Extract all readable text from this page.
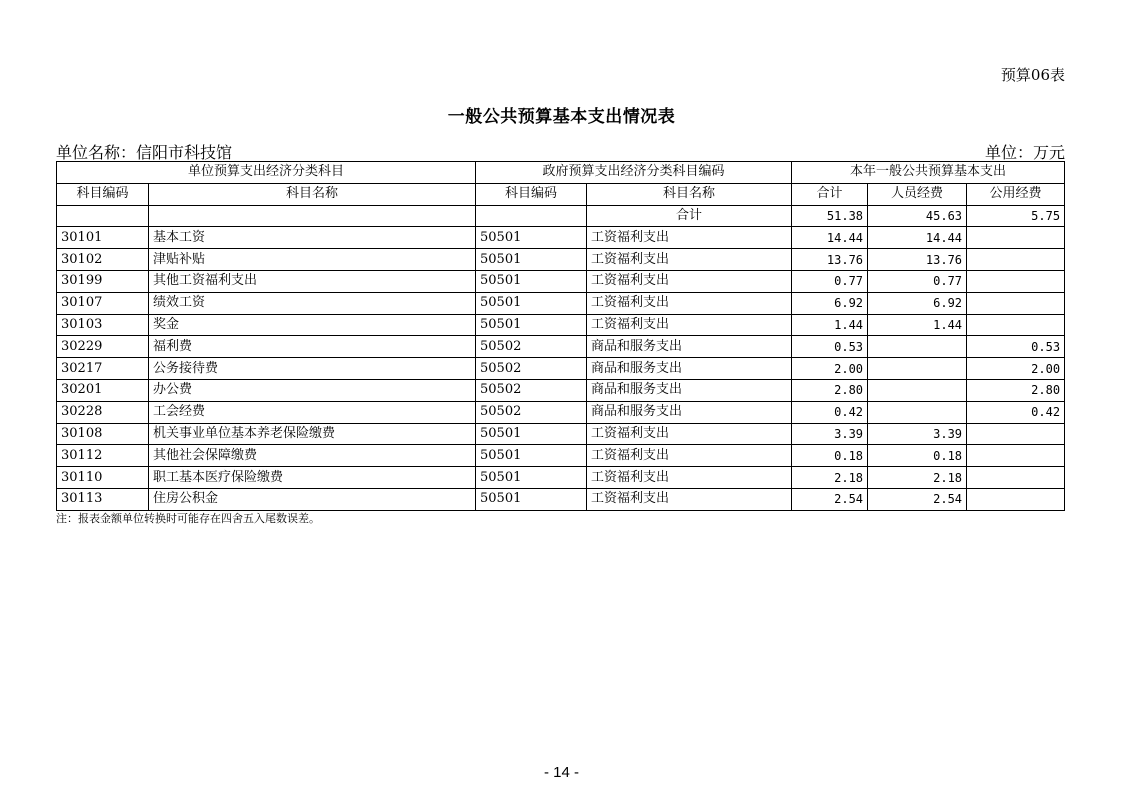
预算06表
一般公共预算基本支出情况表
单位名称：信阳市科技馆	单位：万元
单位预算支出经济分类科目		政府预算支出经济分类科目编码		本年一般公共预算基本支出		
科目编码	科目名称	科目编码	科目名称	合计	人员经费	公用经费
			合计	51.38	45.63	5.75
30101	基本工资	50501	工资福利支出	14.44	14.44	
30102	津贴补贴	50501	工资福利支出	13.76	13.76	
30199	其他工资福利支出	50501	工资福利支出	0.77	0.77	
30107	绩效工资	50501	工资福利支出	6.92	6.92	
30103	奖金	50501	工资福利支出	1.44	1.44	
30229	福利费	50502	商品和服务支出	0.53		0.53
30217	公务接待费	50502	商品和服务支出	2.00		2.00
30201	办公费	50502	商品和服务支出	2.80		2.80
30228	工会经费	50502	商品和服务支出	0.42		0.42
30108	机关事业单位基本养老保险缴费	50501	工资福利支出	3.39	3.39	
30112	其他社会保障缴费	50501	工资福利支出	0.18	0.18	
30110	职工基本医疗保险缴费	50501	工资福利支出	2.18	2.18	
30113	住房公积金	50501	工资福利支出	2.54	2.54	
注：报表金额单位转换时可能存在四舍五入尾数误差。
- 14 -
